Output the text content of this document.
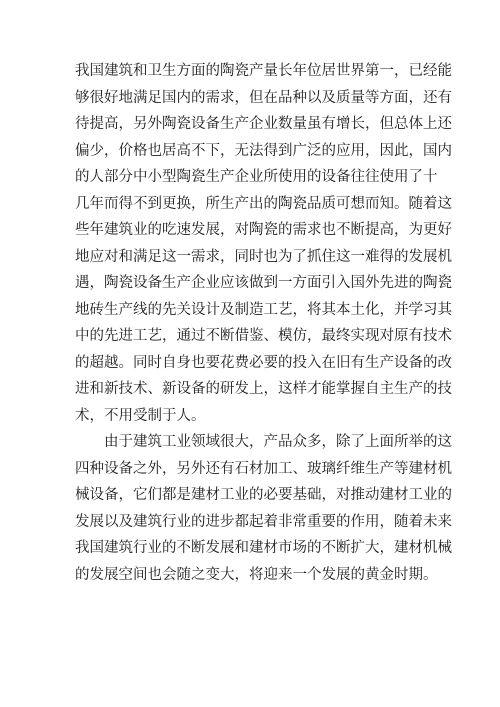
我国建筑和卫生方面的陶瓷产量长年位居世界第一，已经能
够很好地满足国内的需求，但在品种以及质量等方面，还有
待提高，另外陶瓷设备生产企业数量虽有增长，但总体上还
偏少，价格也居高不下，无法得到广泛的应用，因此，国内
的人部分中小型陶瓷生产企业所使用的设备往往使用了十
几年而得不到更换，所生产出的陶瓷品质可想而知。随着这
些年建筑业的吃速发展，对陶瓷的需求也不断提高，为更好
地应对和满足这一需求，同时也为了抓住这一难得的发展机
遇，陶瓷设备生产企业应该做到一方面引入国外先进的陶瓷
地砖生产线的先关设计及制造工艺，将其本土化，并学习其
中的先进工艺，通过不断借鉴、模仿，最终实现对原有技术
的超越。同时自身也要花费必要的投入在旧有生产设备的改
进和新技术、新设备的研发上，这样才能掌握自主生产的技
术，不用受制于人。
由于建筑工业领域很大，产品众多，除了上面所举的这
四种设备之外，另外还有石材加工、玻璃纤维生产等建材机
械设备，它们都是建材工业的必要基础，对推动建材工业的
发展以及建筑行业的进步都起着非常重要的作用，随着未来
我国建筑行业的不断发展和建材市场的不断扩大，建材机械
的发展空间也会随之变大，将迎来一个发展的黄金时期。
